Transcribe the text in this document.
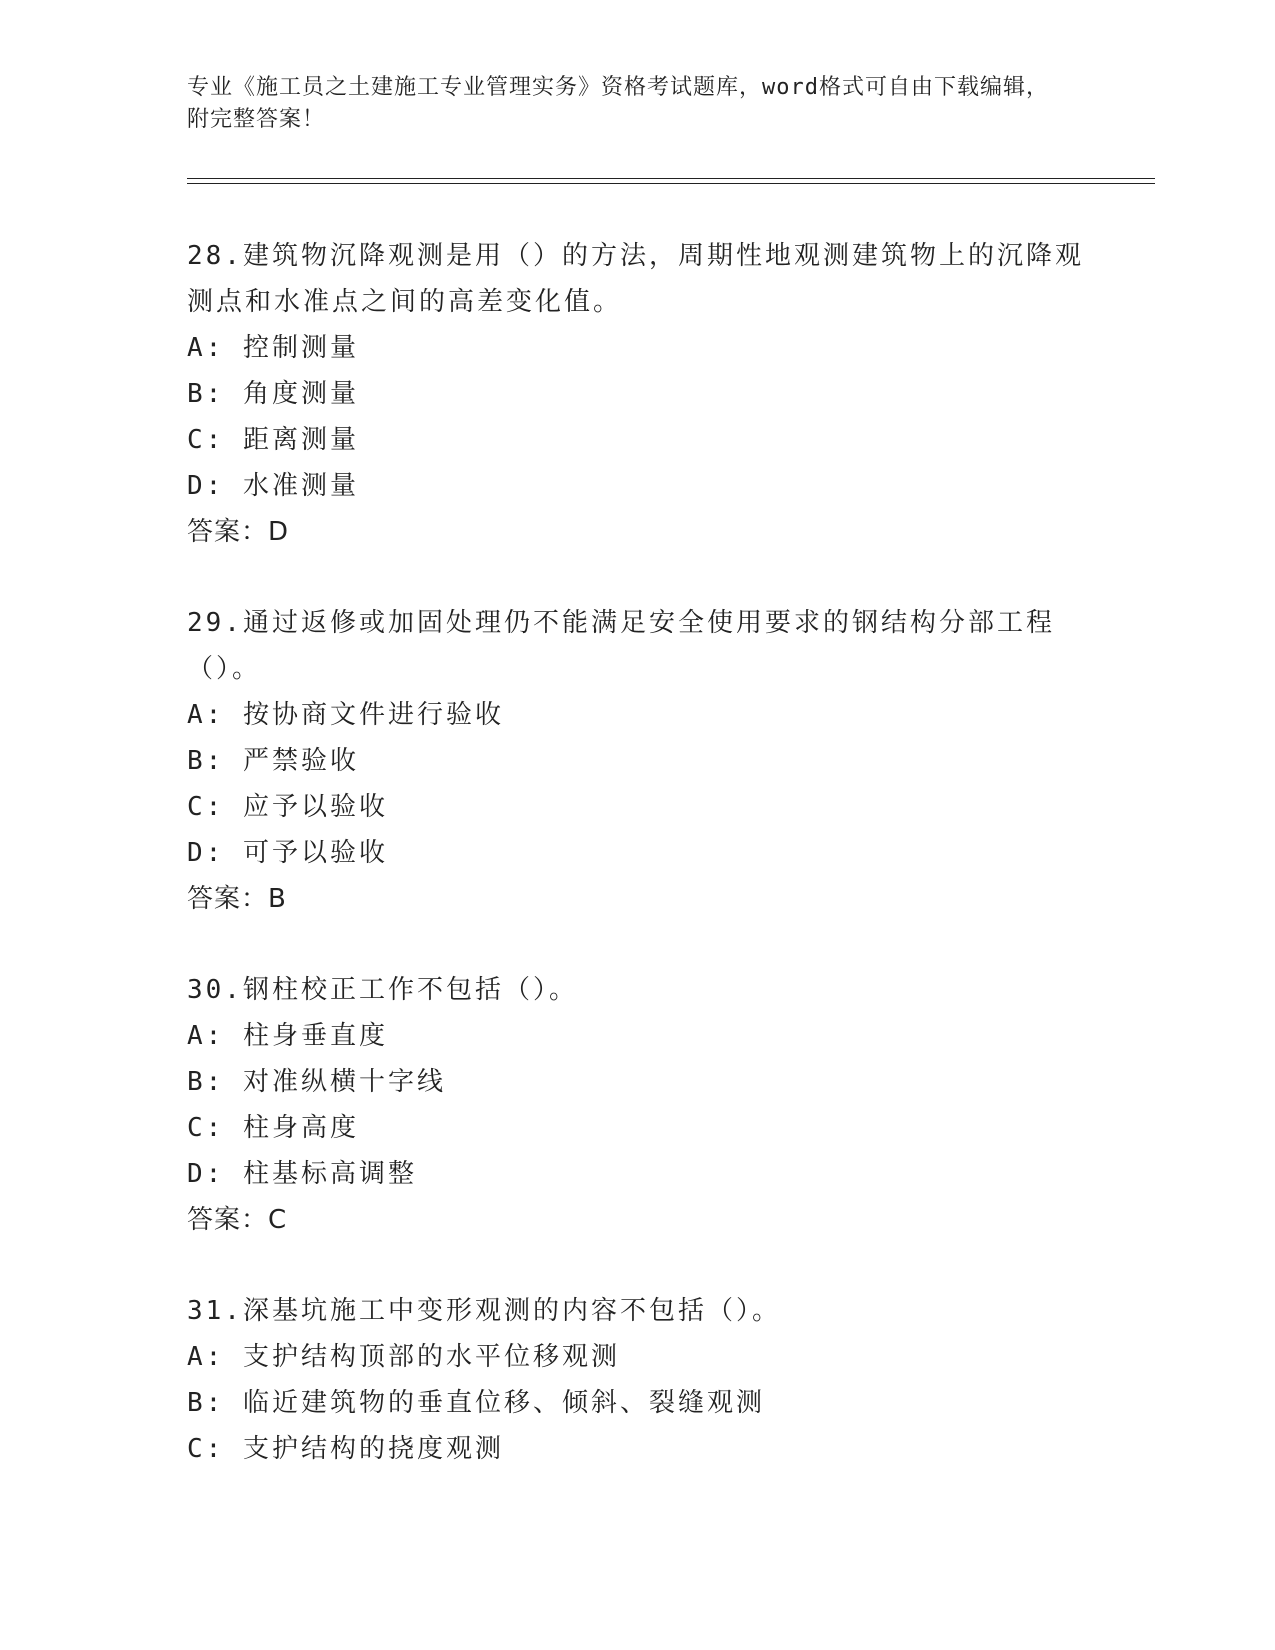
专业《施工员之土建施工专业管理实务》资格考试题库，word格式可自由下载编辑，附完整答案！
28.建筑物沉降观测是用（）的方法，周期性地观测建筑物上的沉降观测点和水准点之间的高差变化值。
A: 控制测量
B: 角度测量
C: 距离测量
D: 水准测量
答案：D
29.通过返修或加固处理仍不能满足安全使用要求的钢结构分部工程（）。
A: 按协商文件进行验收
B: 严禁验收
C: 应予以验收
D: 可予以验收
答案：B
30.钢柱校正工作不包括（）。
A: 柱身垂直度
B: 对准纵横十字线
C: 柱身高度
D: 柱基标高调整
答案：C
31.深基坑施工中变形观测的内容不包括（）。
A: 支护结构顶部的水平位移观测
B: 临近建筑物的垂直位移、倾斜、裂缝观测
C: 支护结构的挠度观测
